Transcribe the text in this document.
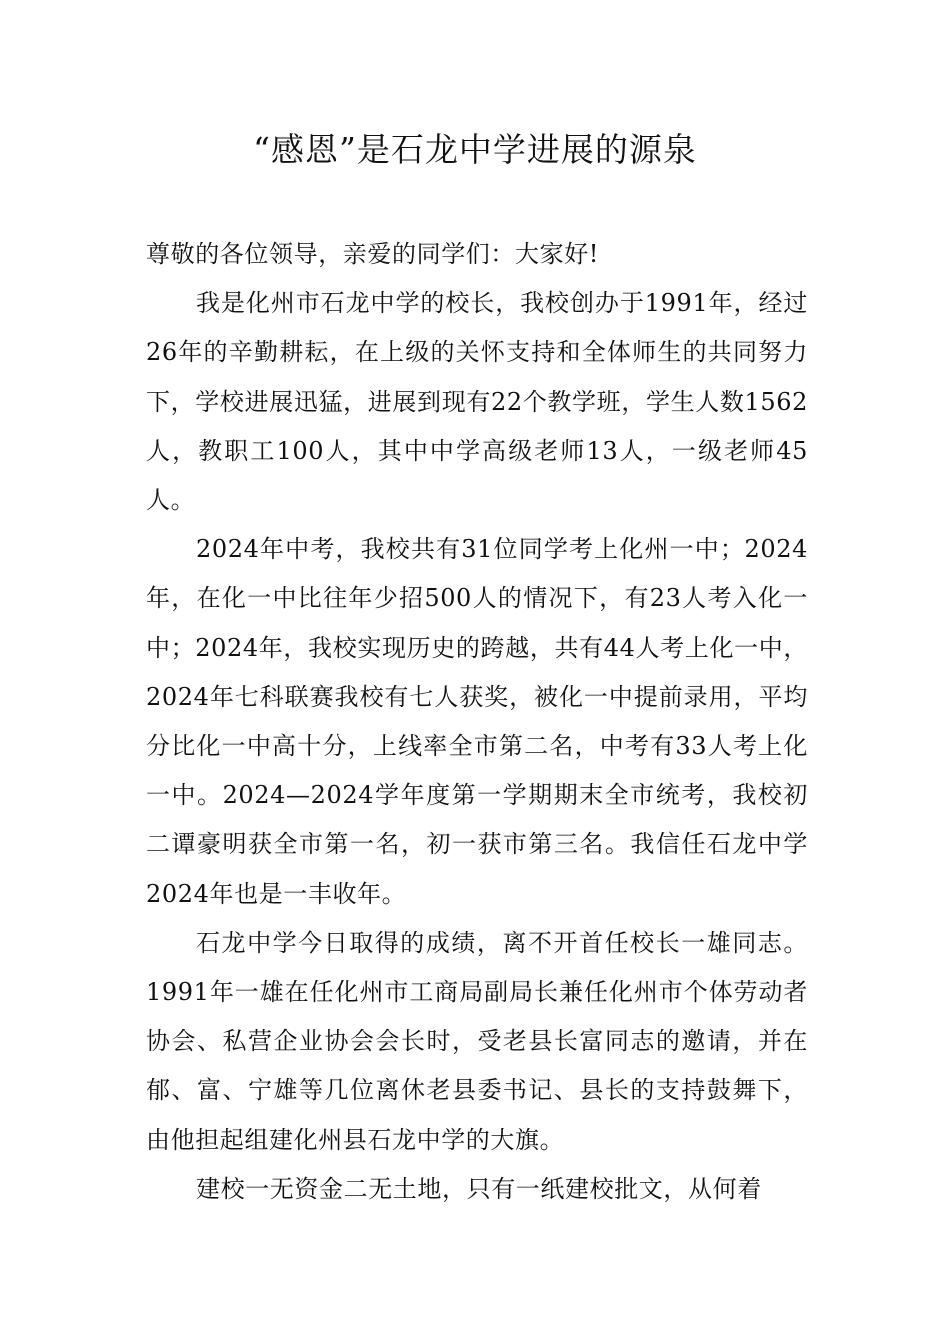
“感恩”是石龙中学进展的源泉

尊敬的各位领导，亲爱的同学们：大家好!

我是化州市石龙中学的校长，我校创办于1991年，经过26年的辛勤耕耘，在上级的关怀支持和全体师生的共同努力下，学校进展迅猛，进展到现有22个教学班，学生人数1562人，教职工100人，其中中学高级老师13人，一级老师45人。

2024年中考，我校共有31位同学考上化州一中；2024年，在化一中比往年少招500人的情况下，有23人考入化一中；2024年，我校实现历史的跨越，共有44人考上化一中，2024年七科联赛我校有七人获奖，被化一中提前录用，平均分比化一中高十分，上线率全市第二名，中考有33人考上化一中。2024—2024学年度第一学期期末全市统考，我校初二谭豪明获全市第一名，初一获市第三名。我信任石龙中学2024年也是一丰收年。

石龙中学今日取得的成绩，离不开首任校长一雄同志。1991年一雄在任化州市工商局副局长兼任化州市个体劳动者协会、私营企业协会会长时，受老县长富同志的邀请，并在郁、富、宁雄等几位离休老县委书记、县长的支持鼓舞下，由他担起组建化州县石龙中学的大旗。

建校一无资金二无土地，只有一纸建校批文，从何着
